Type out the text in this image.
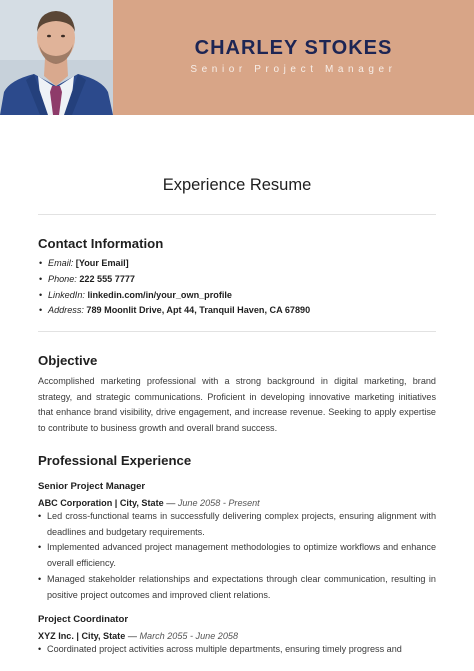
CHARLEY STOKES
Senior Project Manager
Experience Resume
Contact Information
• Email: [Your Email]
• Phone: 222 555 7777
• LinkedIn: linkedin.com/in/your_own_profile
• Address: 789 Moonlit Drive, Apt 44, Tranquil Haven, CA 67890
Objective

Accomplished marketing professional with a strong background in digital marketing, brand strategy, and strategic communications. Proficient in developing innovative marketing initiatives that enhance brand visibility, drive engagement, and increase revenue. Seeking to apply expertise to contribute to business growth and overall brand success.

Professional Experience
Senior Project Manager
ABC Corporation | City, State — June 2058 - Present
• Led cross-functional teams in successfully delivering complex projects, ensuring alignment with deadlines and budgetary requirements.
• Implemented advanced project management methodologies to optimize workflows and enhance overall efficiency.
• Managed stakeholder relationships and expectations through clear communication, resulting in positive project outcomes and improved client relations.
Project Coordinator
XYZ Inc. | City, State — March 2055 - June 2058
• Coordinated project activities across multiple departments, ensuring timely progress and
